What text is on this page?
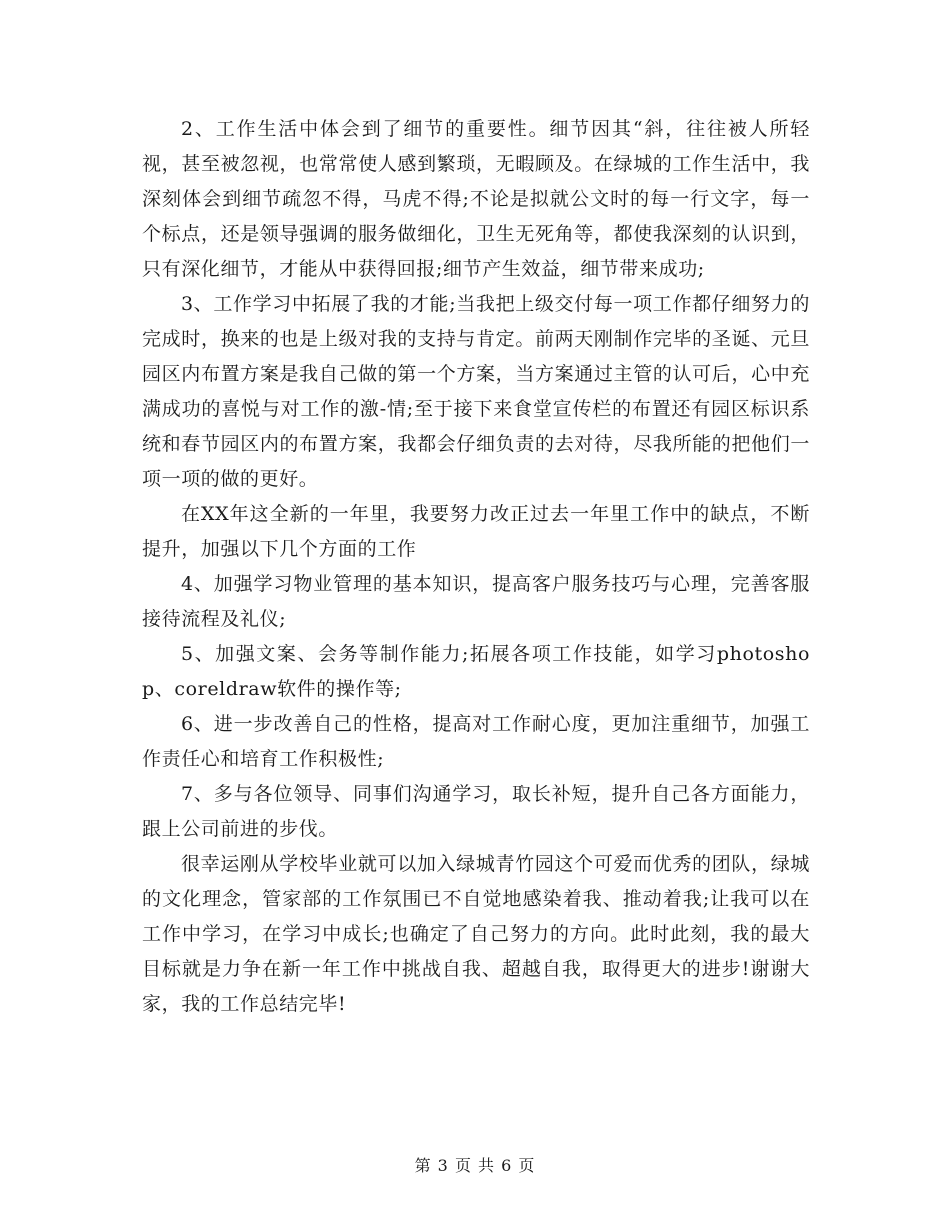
2、工作生活中体会到了细节的重要性。细节因其“斜，往往被人所轻视，甚至被忽视，也常常使人感到繁琐，无暇顾及。在绿城的工作生活中，我深刻体会到细节疏忽不得，马虎不得;不论是拟就公文时的每一行文字，每一个标点，还是领导强调的服务做细化，卫生无死角等，都使我深刻的认识到，只有深化细节，才能从中获得回报;细节产生效益，细节带来成功;

3、工作学习中拓展了我的才能;当我把上级交付每一项工作都仔细努力的完成时，换来的也是上级对我的支持与肯定。前两天刚制作完毕的圣诞、元旦园区内布置方案是我自己做的第一个方案，当方案通过主管的认可后，心中充满成功的喜悦与对工作的激-情;至于接下来食堂宣传栏的布置还有园区标识系统和春节园区内的布置方案，我都会仔细负责的去对待，尽我所能的把他们一项一项的做的更好。

在XX年这全新的一年里，我要努力改正过去一年里工作中的缺点，不断提升，加强以下几个方面的工作

4、加强学习物业管理的基本知识，提高客户服务技巧与心理，完善客服接待流程及礼仪;

5、加强文案、会务等制作能力;拓展各项工作技能，如学习photoshop、coreldraw软件的操作等;

6、进一步改善自己的性格，提高对工作耐心度，更加注重细节，加强工作责任心和培育工作积极性;

7、多与各位领导、同事们沟通学习，取长补短，提升自己各方面能力，跟上公司前进的步伐。

很幸运刚从学校毕业就可以加入绿城青竹园这个可爱而优秀的团队，绿城的文化理念，管家部的工作氛围已不自觉地感染着我、推动着我;让我可以在工作中学习，在学习中成长;也确定了自己努力的方向。此时此刻，我的最大目标就是力争在新一年工作中挑战自我、超越自我，取得更大的进步!谢谢大家，我的工作总结完毕!

第 3 页 共 6 页
